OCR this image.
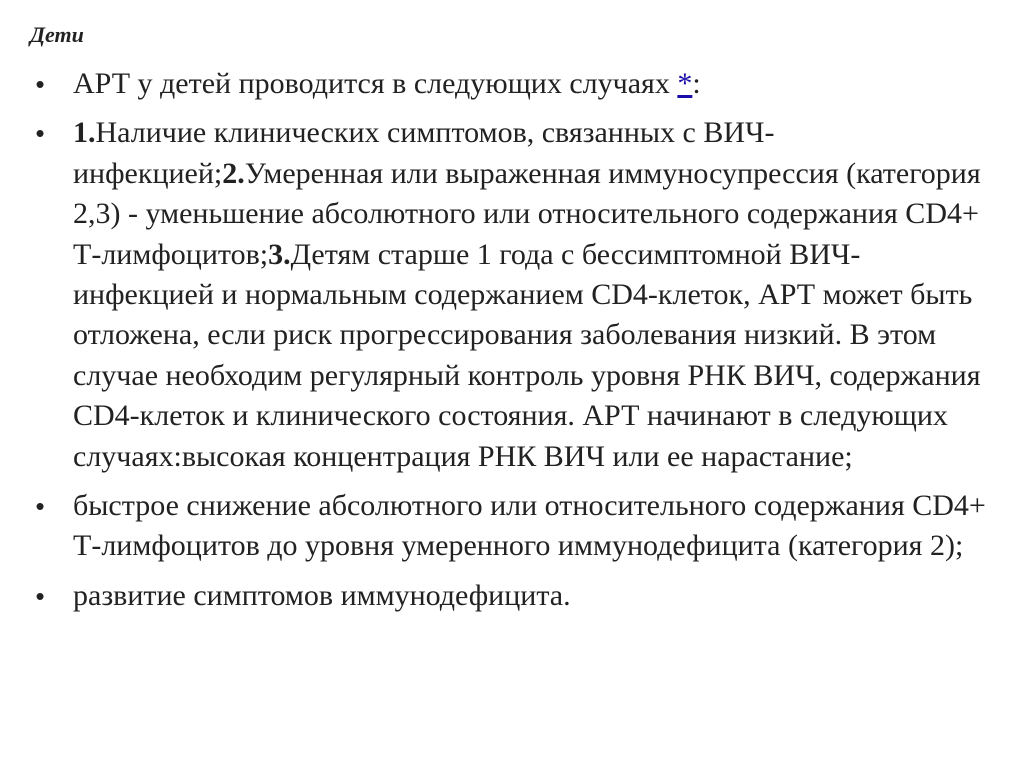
Дети
• АРТ у детей проводится в следующих случаях *:
• 1.Наличие клинических симптомов, связанных с ВИЧ-инфекцией;2.Умеренная или выраженная иммуносупрессия (категория 2,3) - уменьшение абсолютного или относительного содержания CD4+ Т-лимфоцитов;3.Детям старше 1 года с бессимптомной ВИЧ-инфекцией и нормальным содержанием CD4-клеток, АРТ может быть отложена, если риск прогрессирования заболевания низкий. В этом случае необходим регулярный контроль уровня РНК ВИЧ, содержания CD4-клеток и клинического состояния. АРТ начинают в следующих случаях:высокая концентрация РНК ВИЧ или ее нарастание;
• быстрое снижение абсолютного или относительного содержания CD4+ Т-лимфоцитов до уровня умеренного иммунодефицита (категория 2);
• развитие симптомов иммунодефицита.
